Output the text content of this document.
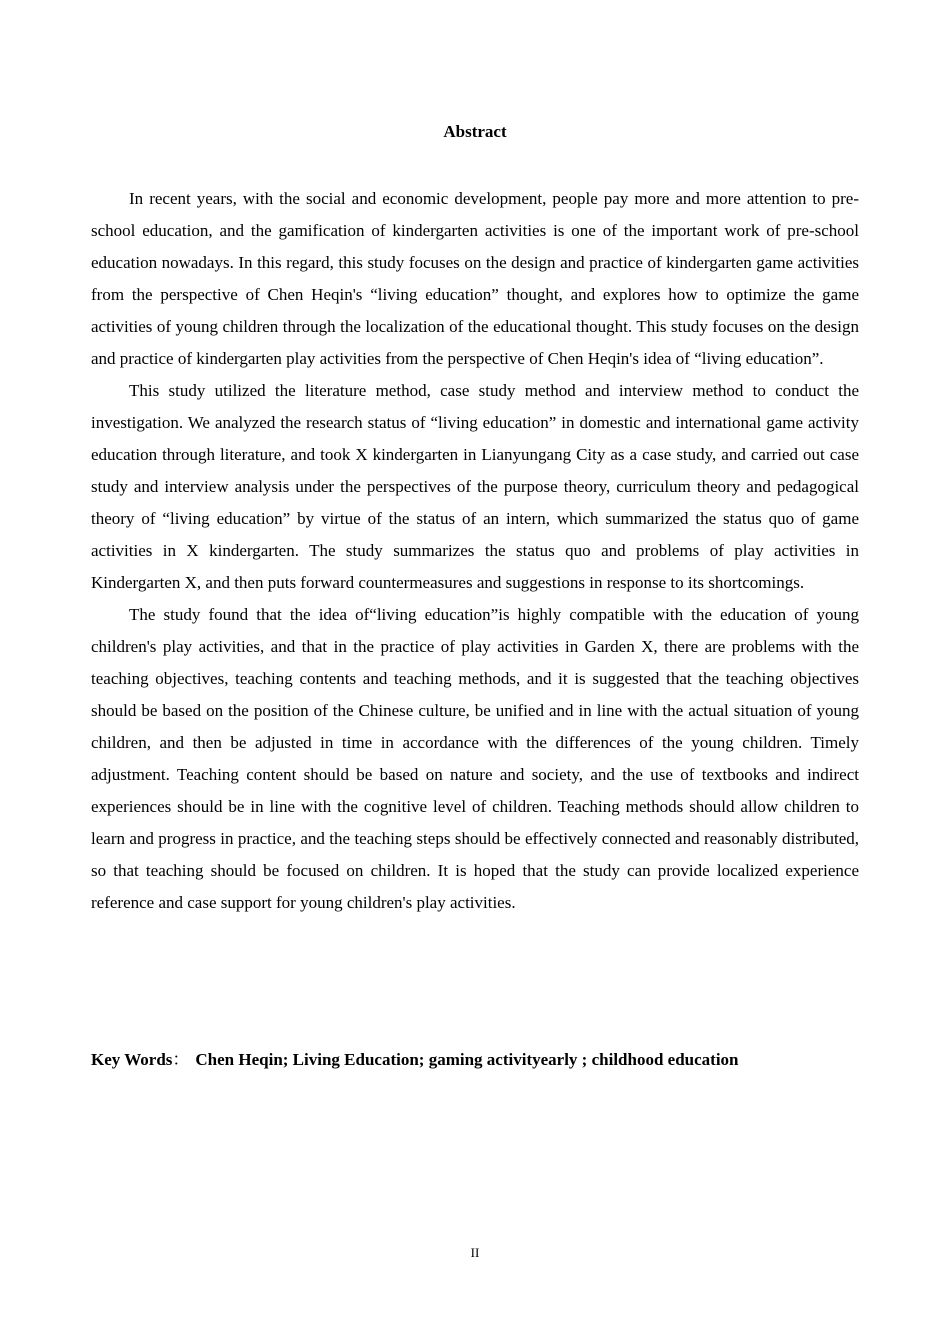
Abstract

In recent years, with the social and economic development, people pay more and more attention to pre-school education, and the gamification of kindergarten activities is one of the important work of pre-school education nowadays. In this regard, this study focuses on the design and practice of kindergarten game activities from the perspective of Chen Heqin's “living education” thought, and explores how to optimize the game activities of young children through the localization of the educational thought. This study focuses on the design and practice of kindergarten play activities from the perspective of Chen Heqin's idea of “living education”.

This study utilized the literature method, case study method and interview method to conduct the investigation. We analyzed the research status of “living education” in domestic and international game activity education through literature, and took X kindergarten in Lianyungang City as a case study, and carried out case study and interview analysis under the perspectives of the purpose theory, curriculum theory and pedagogical theory of “living education” by virtue of the status of an intern, which summarized the status quo of game activities in X kindergarten. The study summarizes the status quo and problems of play activities in Kindergarten X, and then puts forward countermeasures and suggestions in response to its shortcomings.

The study found that the idea of“living education”is highly compatible with the education of young children's play activities, and that in the practice of play activities in Garden X, there are problems with the teaching objectives, teaching contents and teaching methods, and it is suggested that the teaching objectives should be based on the position of the Chinese culture, be unified and in line with the actual situation of young children, and then be adjusted in time in accordance with the differences of the young children. Timely adjustment. Teaching content should be based on nature and society, and the use of textbooks and indirect experiences should be in line with the cognitive level of children. Teaching methods should allow children to learn and progress in practice, and the teaching steps should be effectively connected and reasonably distributed, so that teaching should be focused on children. It is hoped that the study can provide localized experience reference and case support for young children's play activities.

Key Words： Chen Heqin; Living Education; gaming activityearly ; childhood education
II
